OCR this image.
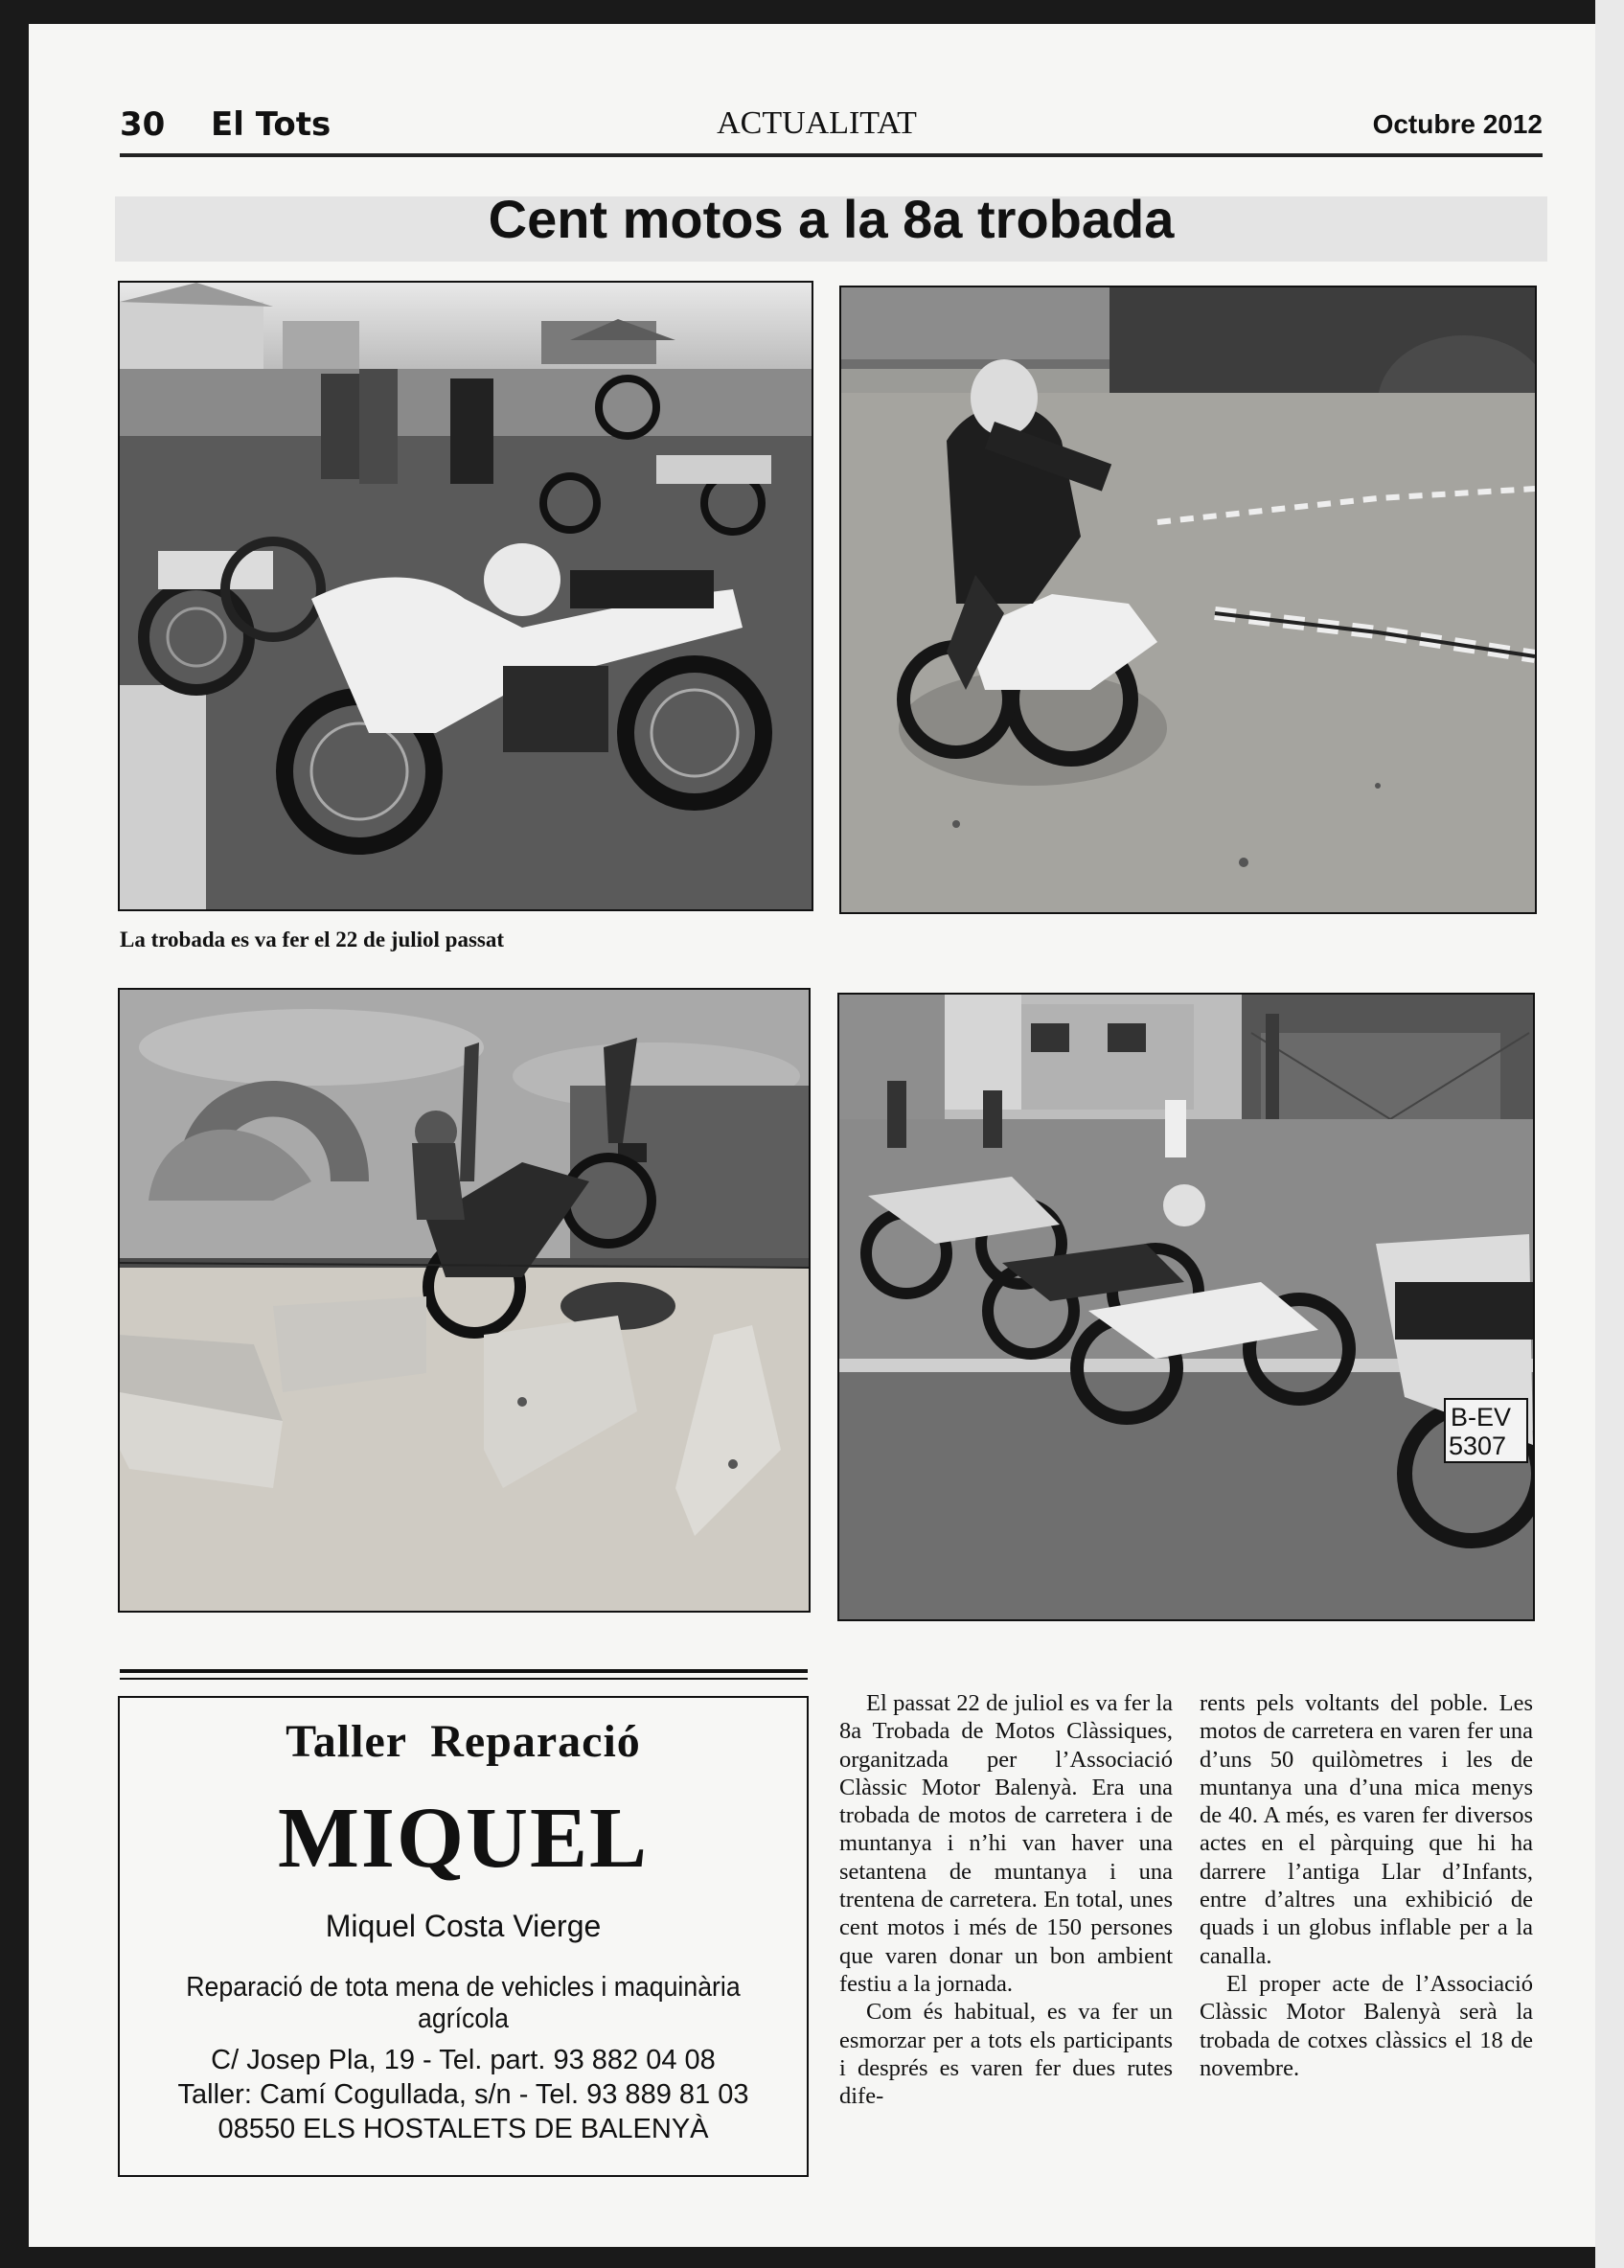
30 El Tots	ACTUALITAT	Octubre 2012
Cent motos a la 8a trobada
La trobada es va fer el 22 de juliol passat
B-EV
5307
Taller Reparació
MIQUEL
Miquel Costa Vierge
Reparació de tota mena de vehicles i maquinària agrícola
C/ Josep Pla, 19 - Tel. part. 93 882 04 08
Taller: Camí Cogullada, s/n - Tel. 93 889 81 03
08550 ELS HOSTALETS DE BALENYÀ

El passat 22 de juliol es va fer la 8a Trobada de Motos Clàssiques, organitzada per l’Associació Clàssic Motor Balenyà. Era una trobada de motos de carretera i de muntanya i n’hi van haver una setantena de muntanya i una trentena de carretera. En total, unes cent motos i més de 150 persones que varen donar un bon ambient festiu a la jornada.

Com és habitual, es va fer un esmorzar per a tots els participants i després es varen fer dues rutes dife-

rents pels voltants del poble. Les motos de carretera en varen fer una d’uns 50 quilòmetres i les de muntanya una d’una mica menys de 40. A més, es varen fer diversos actes en el pàrquing que hi ha darrere l’antiga Llar d’Infants, entre d’altres una exhibició de quads i un globus inflable per a la canalla.

El proper acte de l’Associació Clàssic Motor Balenyà serà la trobada de cotxes clàssics el 18 de novembre.
